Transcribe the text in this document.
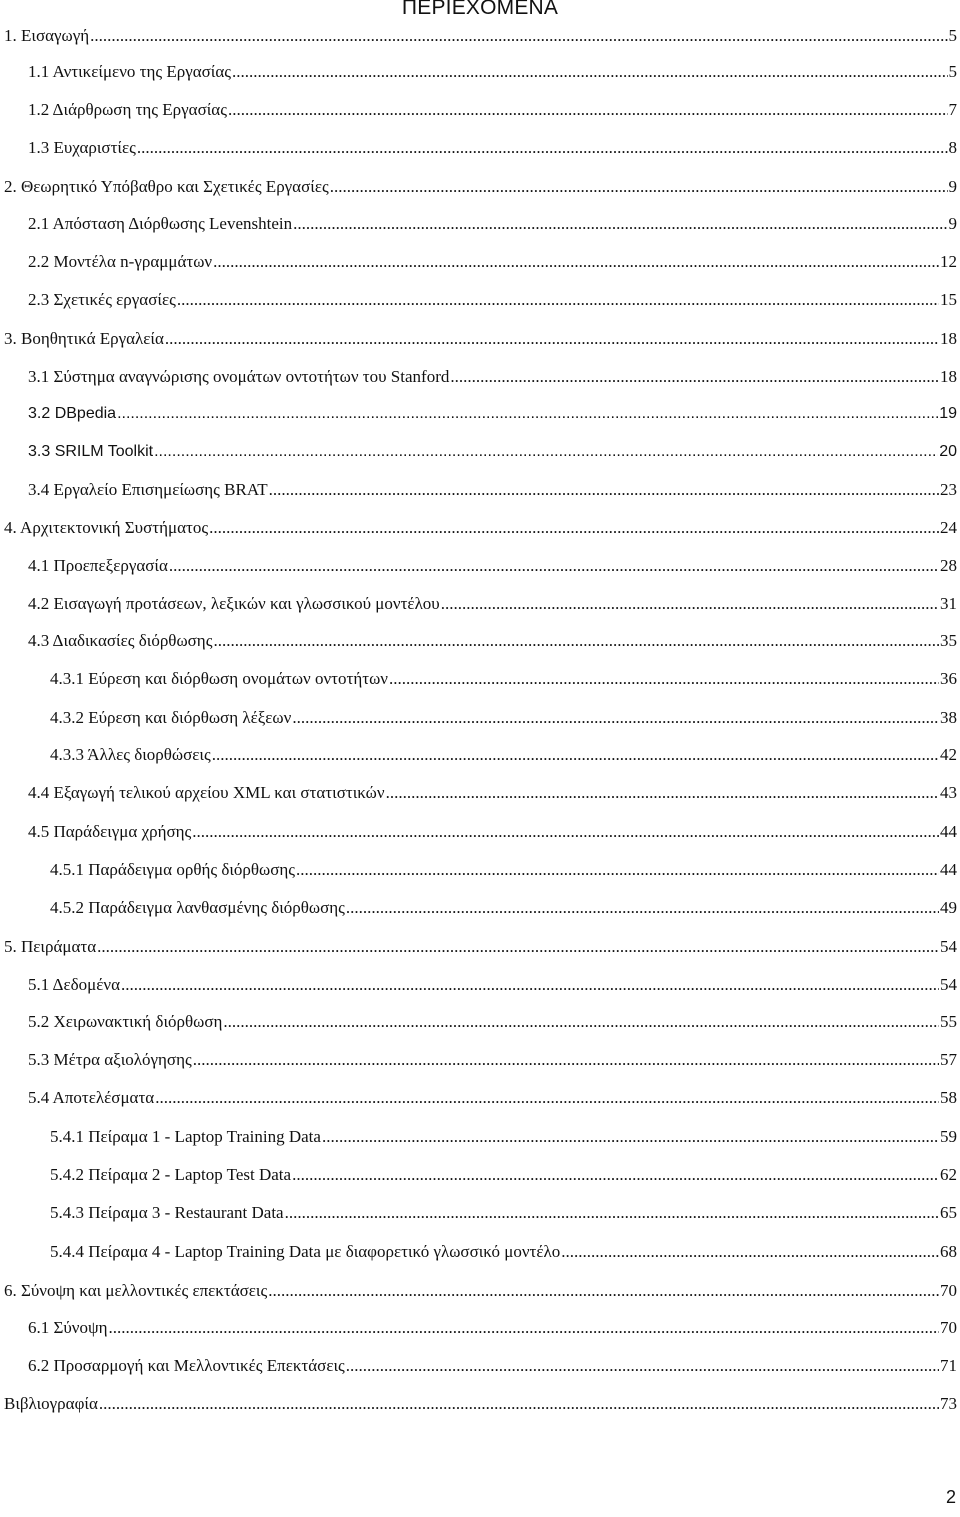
ΠΕΡΙΕΧΟΜΕΝΑ
1. Εισαγωγή .....	5
1.1 Αντικείμενο της Εργασίας .....	5
1.2 Διάρθρωση της Εργασίας .....	7
1.3 Ευχαριστίες .....	8
2. Θεωρητικό Υπόβαθρο και Σχετικές Εργασίες .....	9
2.1 Απόσταση Διόρθωσης Levenshtein .....	9
2.2 Μοντέλα n-γραμμάτων .....	12
2.3 Σχετικές εργασίες .....	15
3. Βοηθητικά Εργαλεία .....	18
3.1 Σύστημα αναγνώρισης ονομάτων οντοτήτων του Stanford .....	18
3.2 DBpedia .....	19
3.3 SRILM Toolkit .....	20
3.4 Εργαλείο Επισημείωσης BRAT .....	23
4. Αρχιτεκτονική Συστήματος .....	24
4.1 Προεπεξεργασία .....	28
4.2 Εισαγωγή προτάσεων, λεξικών και γλωσσικού μοντέλου .....	31
4.3 Διαδικασίες διόρθωσης .....	35
4.3.1 Εύρεση και διόρθωση ονομάτων οντοτήτων .....	36
4.3.2 Εύρεση και διόρθωση λέξεων .....	38
4.3.3 Άλλες διορθώσεις .....	42
4.4 Εξαγωγή τελικού αρχείου XML και στατιστικών .....	43
4.5 Παράδειγμα χρήσης .....	44
4.5.1 Παράδειγμα ορθής διόρθωσης .....	44
4.5.2 Παράδειγμα λανθασμένης διόρθωσης .....	49
5. Πειράματα .....	54
5.1 Δεδομένα .....	54
5.2 Χειρωνακτική διόρθωση .....	55
5.3 Μέτρα αξιολόγησης .....	57
5.4 Αποτελέσματα .....	58
5.4.1 Πείραμα 1 - Laptop Training Data .....	59
5.4.2 Πείραμα 2 - Laptop Test Data .....	62
5.4.3 Πείραμα 3 - Restaurant Data .....	65
5.4.4 Πείραμα 4 - Laptop Training Data με διαφορετικό γλωσσικό μοντέλο .....	68
6. Σύνοψη και μελλοντικές επεκτάσεις .....	70
6.1 Σύνοψη .....	70
6.2 Προσαρμογή και Μελλοντικές Επεκτάσεις .....	71
Βιβλιογραφία .....	73
2
